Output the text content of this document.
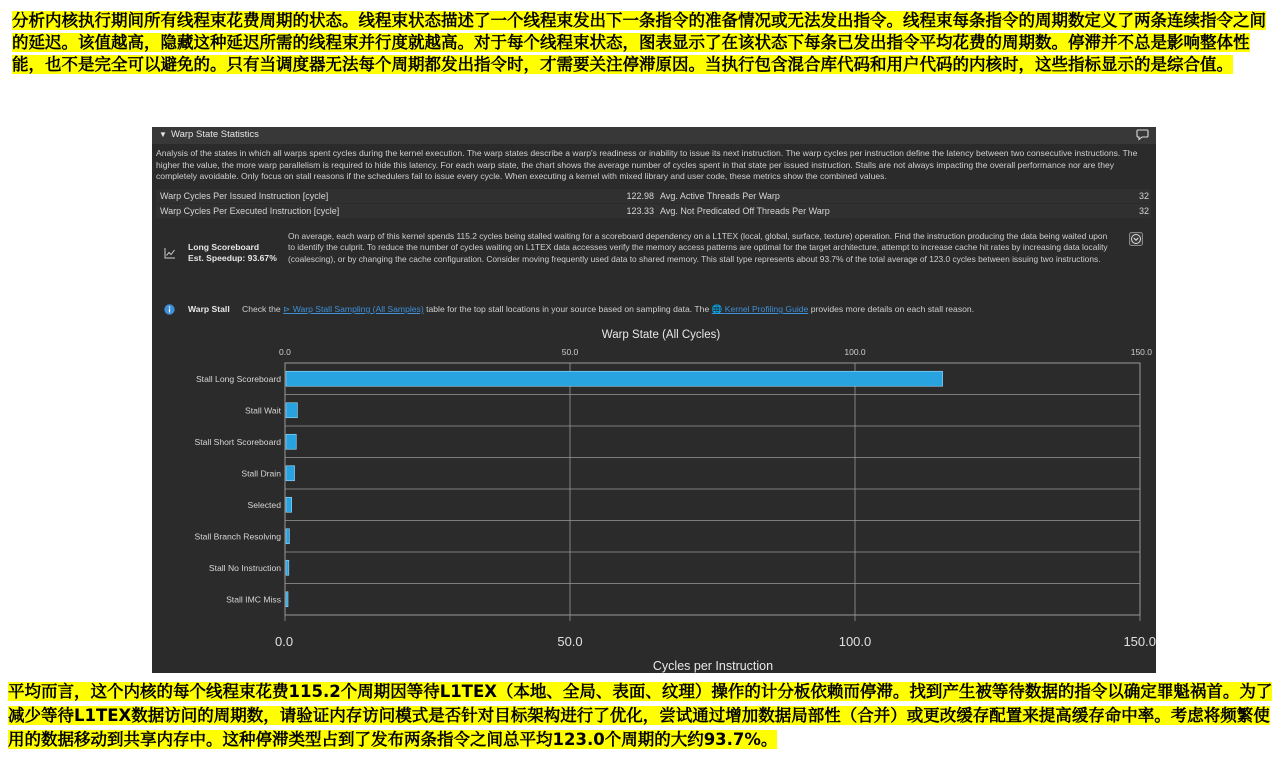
分析内核执行期间所有线程束花费周期的状态。线程束状态描述了一个线程束发出下一条指令的准备情况或无法发出指令。线程束每条指令的周期数定义了两条连续指令之间的延迟。该值越高，隐藏这种延迟所需的线程束并行度就越高。对于每个线程束状态，图表显示了在该状态下每条已发出指令平均花费的周期数。停滞并不总是影响整体性能，也不是完全可以避免的。只有当调度器无法每个周期都发出指令时，才需要关注停滞原因。当执行包含混合库代码和用户代码的内核时，这些指标显示的是综合值。
▼ Warp State Statistics
Analysis of the states in which all warps spent cycles during the kernel execution. The warp states describe a warp's readiness or inability to issue its next instruction. The warp cycles per instruction define the latency between two consecutive instructions. The higher the value, the more warp parallelism is required to hide this latency. For each warp state, the chart shows the average number of cycles spent in that state per issued instruction. Stalls are not always impacting the overall performance nor are they completely avoidable. Only focus on stall reasons if the schedulers fail to issue every cycle. When executing a kernel with mixed library and user code, these metrics show the combined values.
Warp Cycles Per Issued Instruction [cycle]	122.98 Avg. Active Threads Per Warp	32
Warp Cycles Per Executed Instruction [cycle]	123.33 Avg. Not Predicated Off Threads Per Warp	32
Long Scoreboard
Est. Speedup: 93.67%
On average, each warp of this kernel spends 115.2 cycles being stalled waiting for a scoreboard dependency on a L1TEX (local, global, surface, texture) operation. Find the instruction producing the data being waited upon to identify the culprit. To reduce the number of cycles waiting on L1TEX data accesses verify the memory access patterns are optimal for the target architecture, attempt to increase cache hit rates by increasing data locality (coalescing), or by changing the cache configuration. Consider moving frequently used data to shared memory. This stall type represents about 93.7% of the total average of 123.0 cycles between issuing two instructions.
Warp Stall Check the ⊳ Warp Stall Sampling (All Samples) table for the top stall locations in your source based on sampling data. The 🌐 Kernel Profiling Guide provides more details on each stall reason.
Warp State (All Cycles)
Stall Long Scoreboard
Stall Wait
Stall Short Scoreboard
Stall Drain
Selected
Stall Branch Resolving
Stall No Instruction
Stall IMC Miss
0.0
0.0
50.0
50.0
100.0
100.0
150.0
150.0
Cycles per Instruction
平均而言，这个内核的每个线程束花费115.2个周期因等待L1TEX（本地、全局、表面、纹理）操作的计分板依赖而停滞。找到产生被等待数据的指令以确定罪魁祸首。为了减少等待L1TEX数据访问的周期数，请验证内存访问模式是否针对目标架构进行了优化，尝试通过增加数据局部性（合并）或更改缓存配置来提高缓存命中率。考虑将频繁使用的数据移动到共享内存中。这种停滞类型占到了发布两条指令之间总平均123.0个周期的大约93.7%。
